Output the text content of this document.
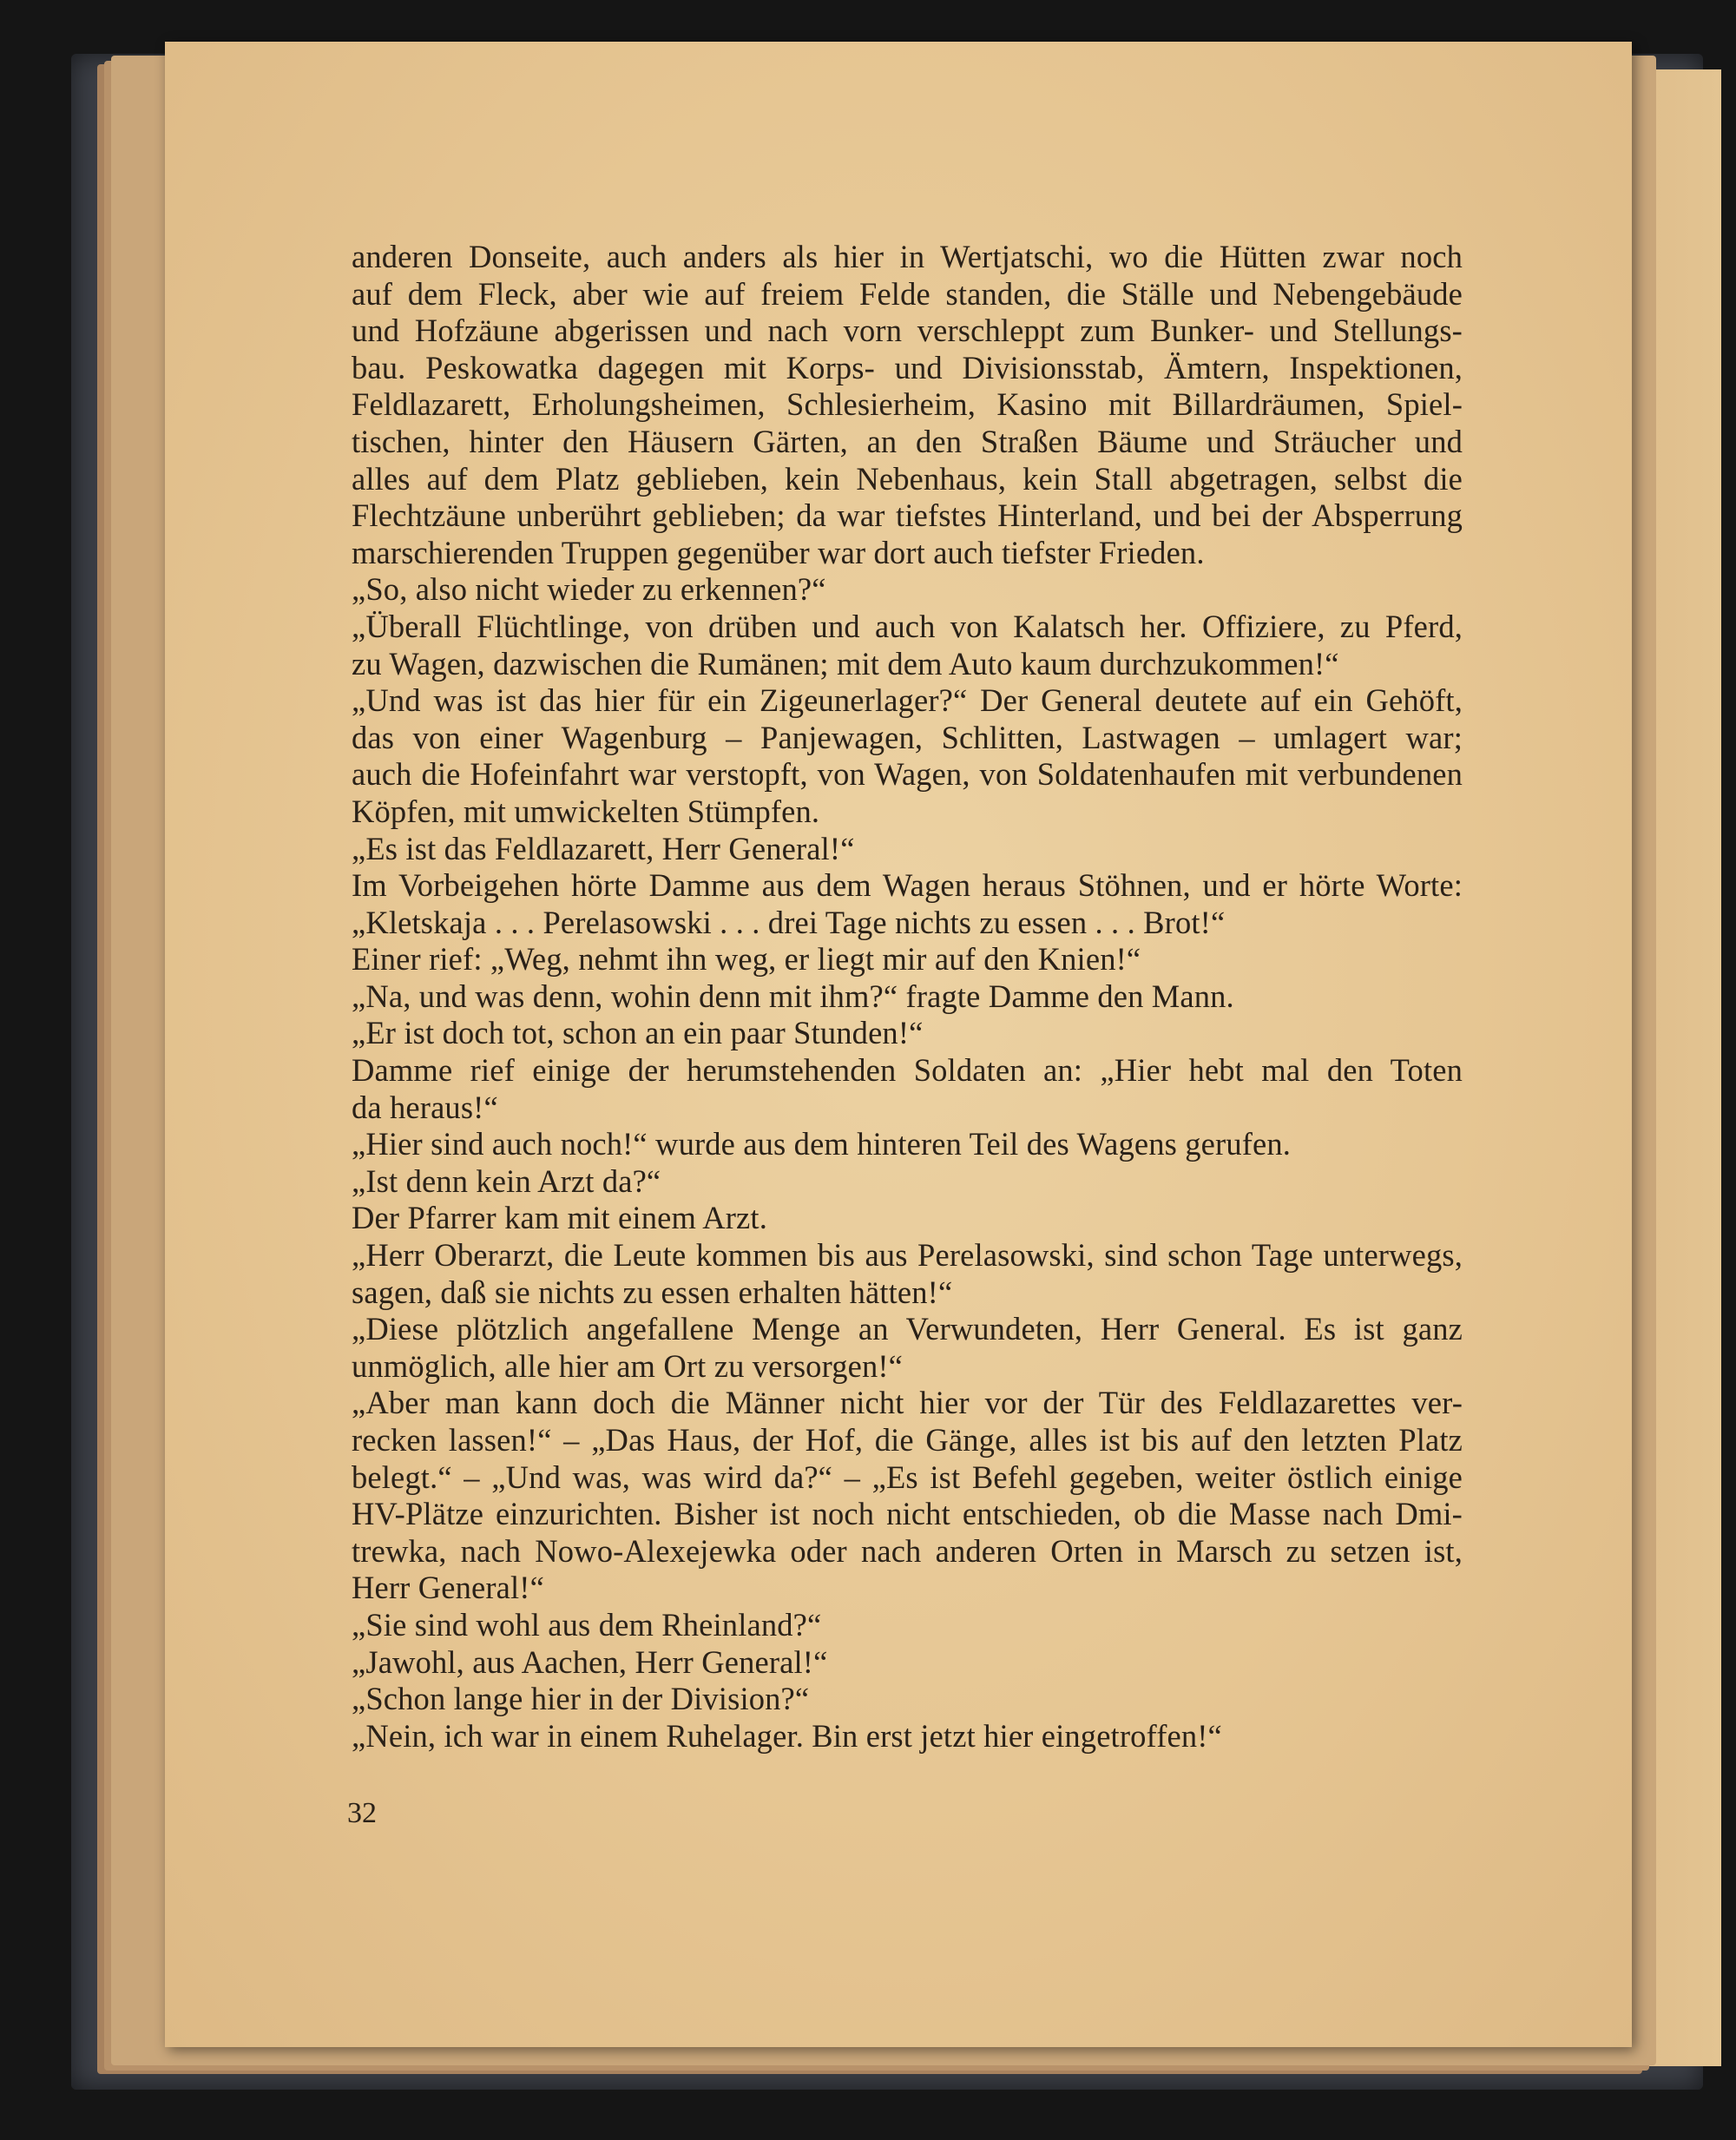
anderen Donseite, auch anders als hier in Wertjatschi, wo die Hütten zwar noch
auf dem Fleck, aber wie auf freiem Felde standen, die Ställe und Nebengebäude
und Hofzäune abgerissen und nach vorn verschleppt zum Bunker- und Stellungs-
bau. Peskowatka dagegen mit Korps- und Divisionsstab, Ämtern, Inspektionen,
Feldlazarett, Erholungsheimen, Schlesierheim, Kasino mit Billardräumen, Spiel-
tischen, hinter den Häusern Gärten, an den Straßen Bäume und Sträucher und
alles auf dem Platz geblieben, kein Nebenhaus, kein Stall abgetragen, selbst die
Flechtzäune unberührt geblieben; da war tiefstes Hinterland, und bei der Absperrung
marschierenden Truppen gegenüber war dort auch tiefster Frieden.
„So, also nicht wieder zu erkennen?“
„Überall Flüchtlinge, von drüben und auch von Kalatsch her. Offiziere, zu Pferd,
zu Wagen, dazwischen die Rumänen; mit dem Auto kaum durchzukommen!“
„Und was ist das hier für ein Zigeunerlager?“ Der General deutete auf ein Gehöft,
das von einer Wagenburg – Panjewagen, Schlitten, Lastwagen – umlagert war;
auch die Hofeinfahrt war verstopft, von Wagen, von Soldatenhaufen mit verbundenen
Köpfen, mit umwickelten Stümpfen.
„Es ist das Feldlazarett, Herr General!“
Im Vorbeigehen hörte Damme aus dem Wagen heraus Stöhnen, und er hörte Worte:
„Kletskaja . . . Perelasowski . . . drei Tage nichts zu essen . . . Brot!“
Einer rief: „Weg, nehmt ihn weg, er liegt mir auf den Knien!“
„Na, und was denn, wohin denn mit ihm?“ fragte Damme den Mann.
„Er ist doch tot, schon an ein paar Stunden!“
Damme rief einige der herumstehenden Soldaten an: „Hier hebt mal den Toten
da heraus!“
„Hier sind auch noch!“ wurde aus dem hinteren Teil des Wagens gerufen.
„Ist denn kein Arzt da?“
Der Pfarrer kam mit einem Arzt.
„Herr Oberarzt, die Leute kommen bis aus Perelasowski, sind schon Tage unterwegs,
sagen, daß sie nichts zu essen erhalten hätten!“
„Diese plötzlich angefallene Menge an Verwundeten, Herr General. Es ist ganz
unmöglich, alle hier am Ort zu versorgen!“
„Aber man kann doch die Männer nicht hier vor der Tür des Feldlazarettes ver-
recken lassen!“ – „Das Haus, der Hof, die Gänge, alles ist bis auf den letzten Platz
belegt.“ – „Und was, was wird da?“ – „Es ist Befehl gegeben, weiter östlich einige
HV-Plätze einzurichten. Bisher ist noch nicht entschieden, ob die Masse nach Dmi-
trewka, nach Nowo-Alexejewka oder nach anderen Orten in Marsch zu setzen ist,
Herr General!“
„Sie sind wohl aus dem Rheinland?“
„Jawohl, aus Aachen, Herr General!“
„Schon lange hier in der Division?“
„Nein, ich war in einem Ruhelager. Bin erst jetzt hier eingetroffen!“
32
